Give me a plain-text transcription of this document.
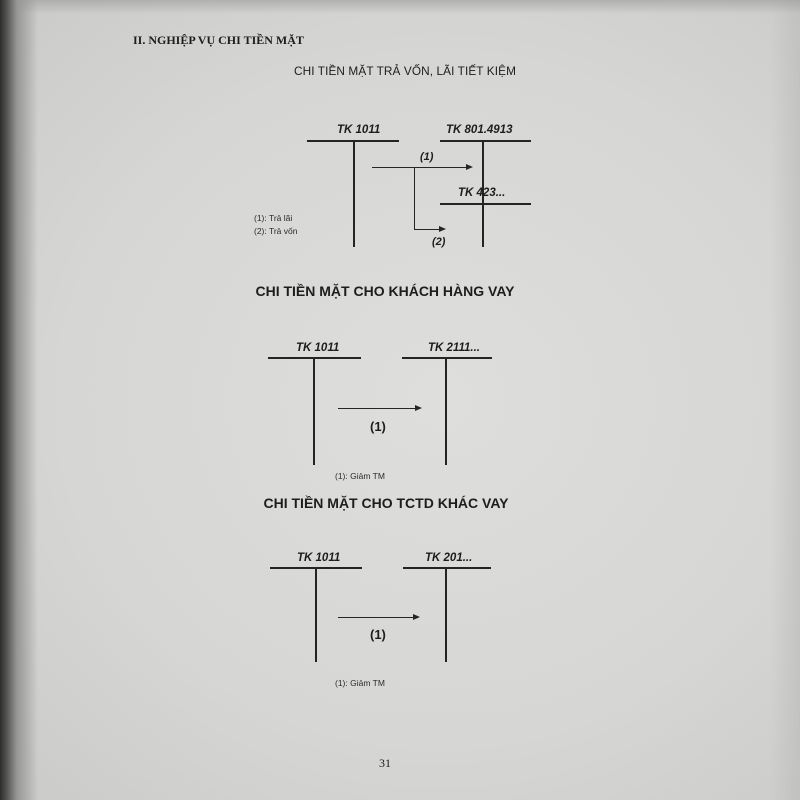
II. NGHIỆP VỤ CHI TIỀN MẶT
CHI TIỀN MẶT TRẢ VỐN, LÃI TIẾT KIỆM
TK 1011	TK 801.4913
TK 423...
(1)
(2)
(1): Trả lãi
(2): Trả vốn
CHI TIỀN MẶT CHO KHÁCH HÀNG VAY
TK 1011	TK 2111...
(1)
(1): Giảm TM
CHI TIỀN MẶT CHO TCTD KHÁC VAY
TK 1011	TK 201...
(1)
(1): Giảm TM
31
